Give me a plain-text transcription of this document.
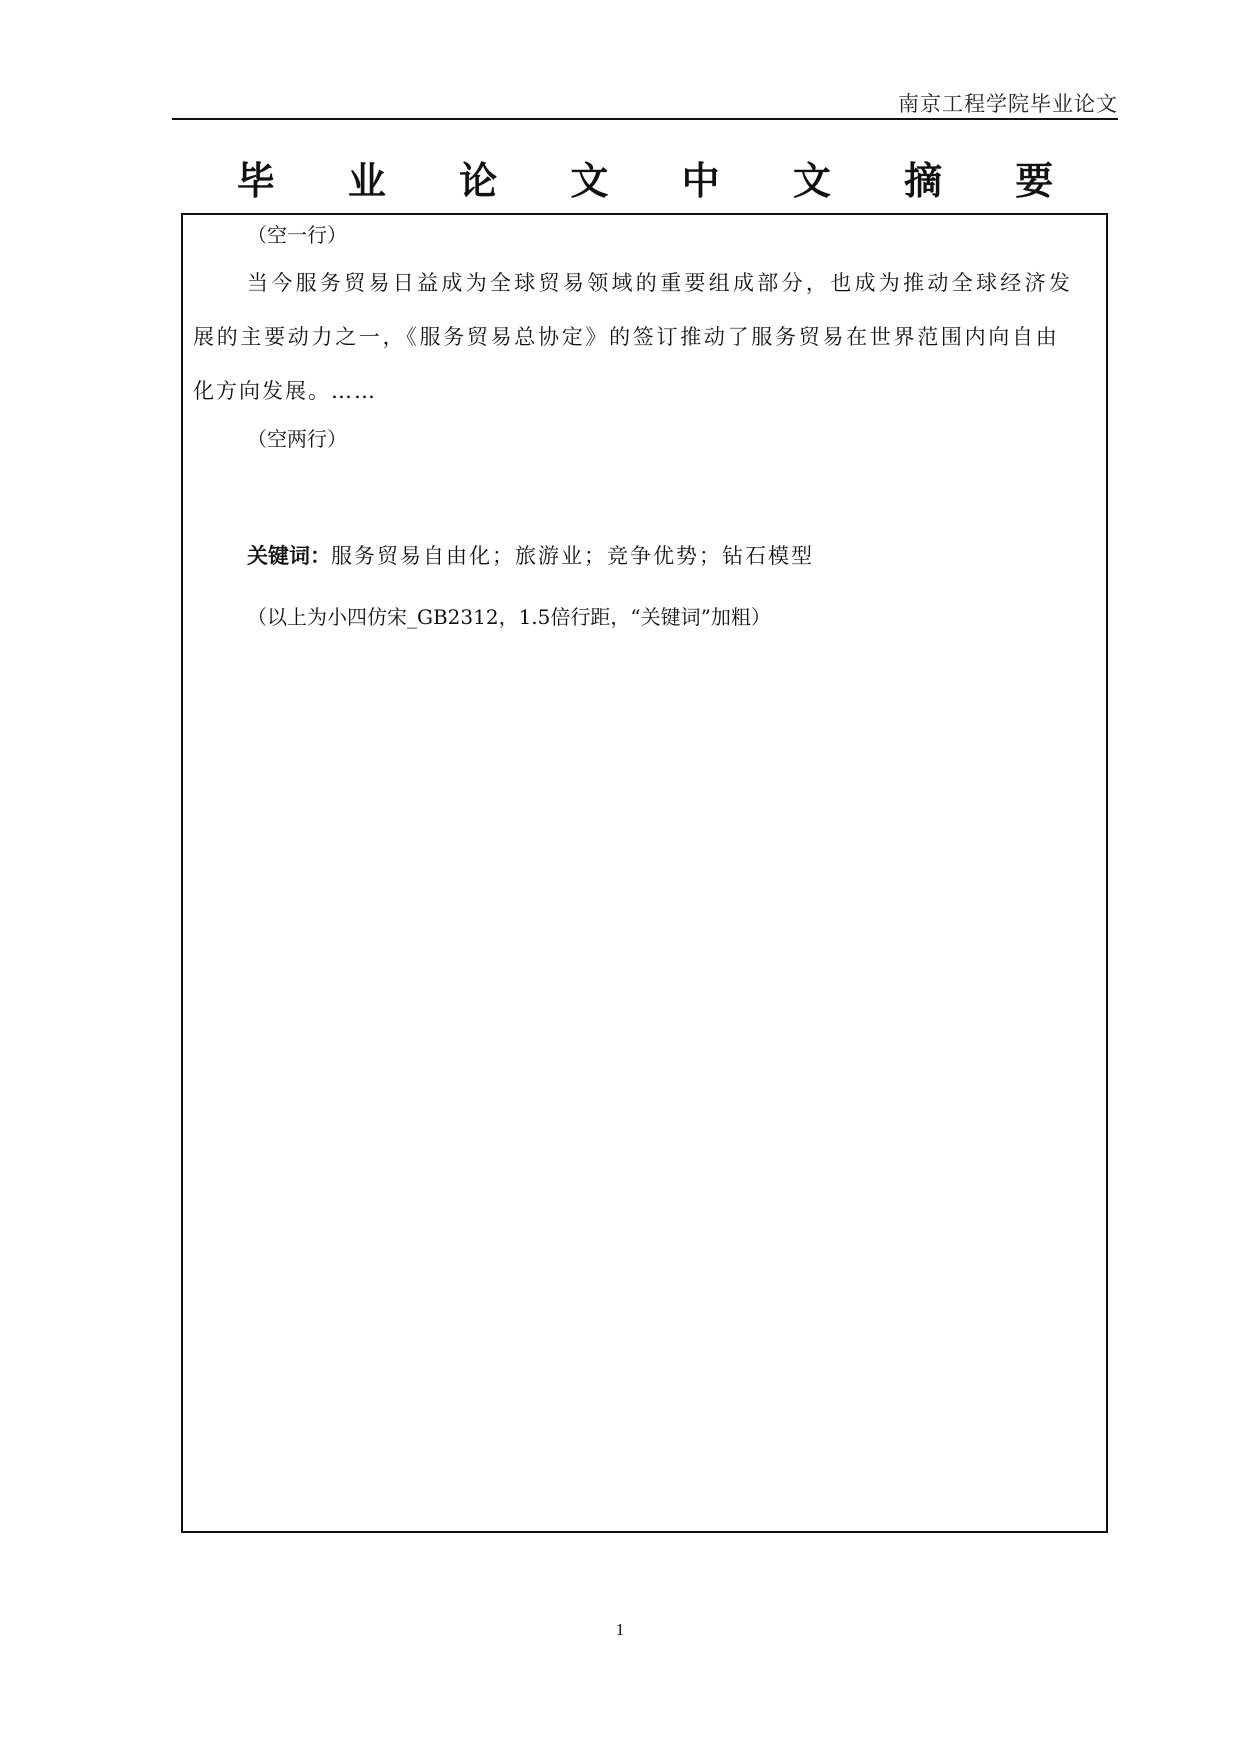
南京工程学院毕业论文
毕 业 论 文 中 文 摘 要
（空一行）
当今服务贸易日益成为全球贸易领域的重要组成部分，也成为推动全球经济发
展的主要动力之一，《服务贸易总协定》的签订推动了服务贸易在世界范围内向自由
化方向发展。……
（空两行）
关键词：服务贸易自由化；旅游业；竞争优势；钻石模型
（以上为小四仿宋_GB2312，1.5倍行距，“关键词”加粗）
1
